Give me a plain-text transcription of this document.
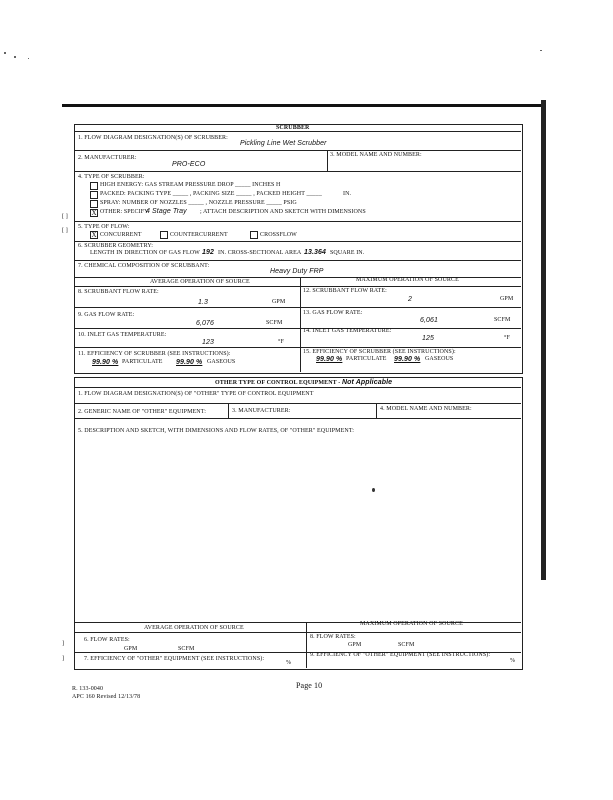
SCRUBBER
1. FLOW DIAGRAM DESIGNATION(S) OF SCRUBBER:
Pickling Line Wet Scrubber
2. MANUFACTURER:
PRO-ECO
3. MODEL NAME AND NUMBER:
4. TYPE OF SCRUBBER:
HIGH ENERGY: GAS STREAM PRESSURE DROP _____ INCHES H
PACKED: PACKING TYPE _____ , PACKING SIZE _____ , PACKED HEIGHT _____	IN.
SPRAY: NUMBER OF NOZZLES _____ , NOZZLE PRESSURE _____ PSIG
X OTHER: SPECIFY
4 Stage Tray ; ATTACH DESCRIPTION AND SKETCH WITH DIMENSIONS
5. TYPE OF FLOW:
X CONCURRENT	COUNTERCURRENT	CROSSFLOW
6. SCRUBBER GEOMETRY:
LENGTH IN DIRECTION OF GAS FLOW 192 IN. CROSS-SECTIONAL AREA 13.364 SQUARE IN.
7. CHEMICAL COMPOSITION OF SCRUBBANT:
Heavy Duty FRP
AVERAGE OPERATION OF SOURCE	MAXIMUM OPERATION OF SOURCE
8. SCRUBBANT FLOW RATE:
1.3	GPM
12. SCRUBBANT FLOW RATE:
2	GPM
9. GAS FLOW RATE:
6,076	SCFM
13. GAS FLOW RATE:
6,061	SCFM
10. INLET GAS TEMPERATURE:
123	°F
14. INLET GAS TEMPERATURE:
125	°F
11. EFFICIENCY OF SCRUBBER (SEE INSTRUCTIONS):
99.90 % PARTICULATE 99.90 % GASEOUS
15. EFFICIENCY OF SCRUBBER (SEE INSTRUCTIONS):
99.90 % PARTICULATE 99.90 % GASEOUS
OTHER TYPE OF CONTROL EQUIPMENT - Not Applicable
1. FLOW DIAGRAM DESIGNATION(S) OF "OTHER" TYPE OF CONTROL EQUIPMENT
2. GENERIC NAME OF "OTHER" EQUIPMENT:	3. MANUFACTURER:	4. MODEL NAME AND NUMBER:
5. DESCRIPTION AND SKETCH, WITH DIMENSIONS AND FLOW RATES, OF "OTHER" EQUIPMENT:
AVERAGE OPERATION OF SOURCE
MAXIMUM OPERATION OF SOURCE
6. FLOW RATES:
GPM	SCFM
8. FLOW RATES:
GPM	SCFM
7. EFFICIENCY OF "OTHER" EQUIPMENT (SEE INSTRUCTIONS):
%
9. EFFICIENCY OF "OTHER" EQUIPMENT (SEE INSTRUCTIONS):
%
[ ]
[ ]
]
]
Page 10
R. 133-0040
APC 160 Revised 12/13/78
